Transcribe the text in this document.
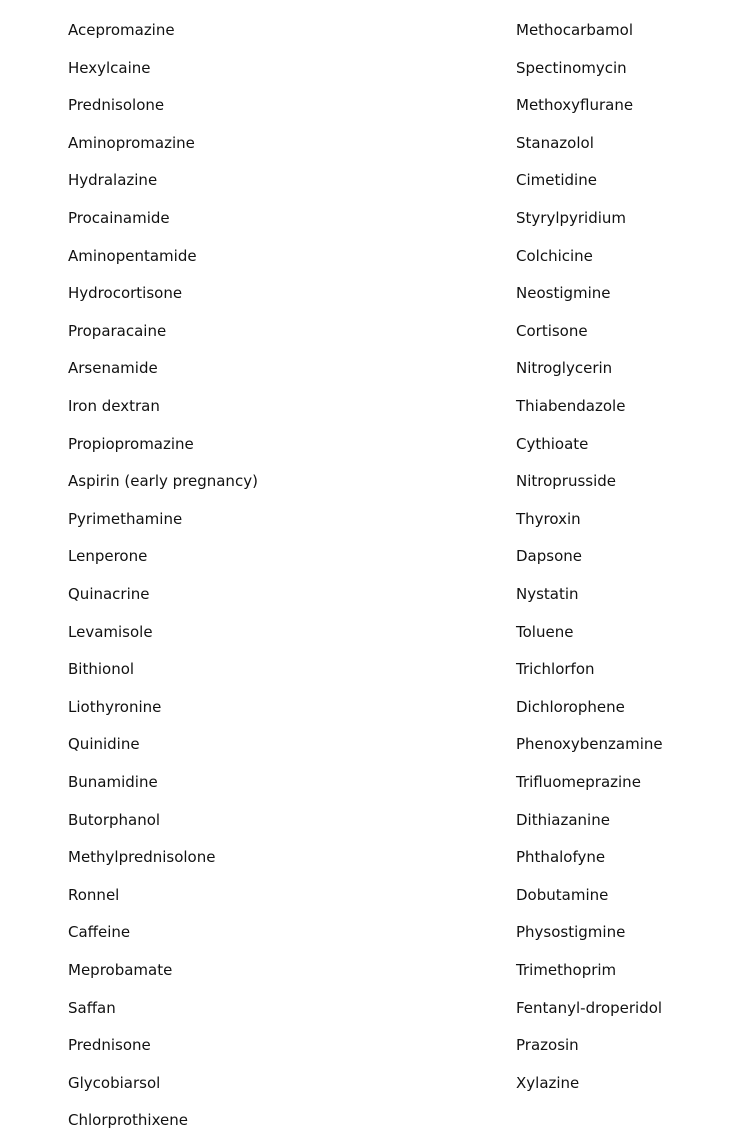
Acepromazine
Hexylcaine
Prednisolone
Aminopromazine
Hydralazine
Procainamide
Aminopentamide
Hydrocortisone
Proparacaine
Arsenamide
Iron dextran
Propiopromazine
Aspirin (early pregnancy)
Pyrimethamine
Lenperone
Quinacrine
Levamisole
Bithionol
Liothyronine
Quinidine
Bunamidine
Butorphanol
Methylprednisolone
Ronnel
Caffeine
Meprobamate
Saffan
Prednisone
Glycobiarsol
Chlorprothixene
Methocarbamol
Spectinomycin
Methoxyflurane
Stanazolol
Cimetidine
Styrylpyridium
Colchicine
Neostigmine
Cortisone
Nitroglycerin
Thiabendazole
Cythioate
Nitroprusside
Thyroxin
Dapsone
Nystatin
Toluene
Trichlorfon
Dichlorophene
Phenoxybenzamine
Trifluomeprazine
Dithiazanine
Phthalofyne
Dobutamine
Physostigmine
Trimethoprim
Fentanyl-droperidol
Prazosin
Xylazine
